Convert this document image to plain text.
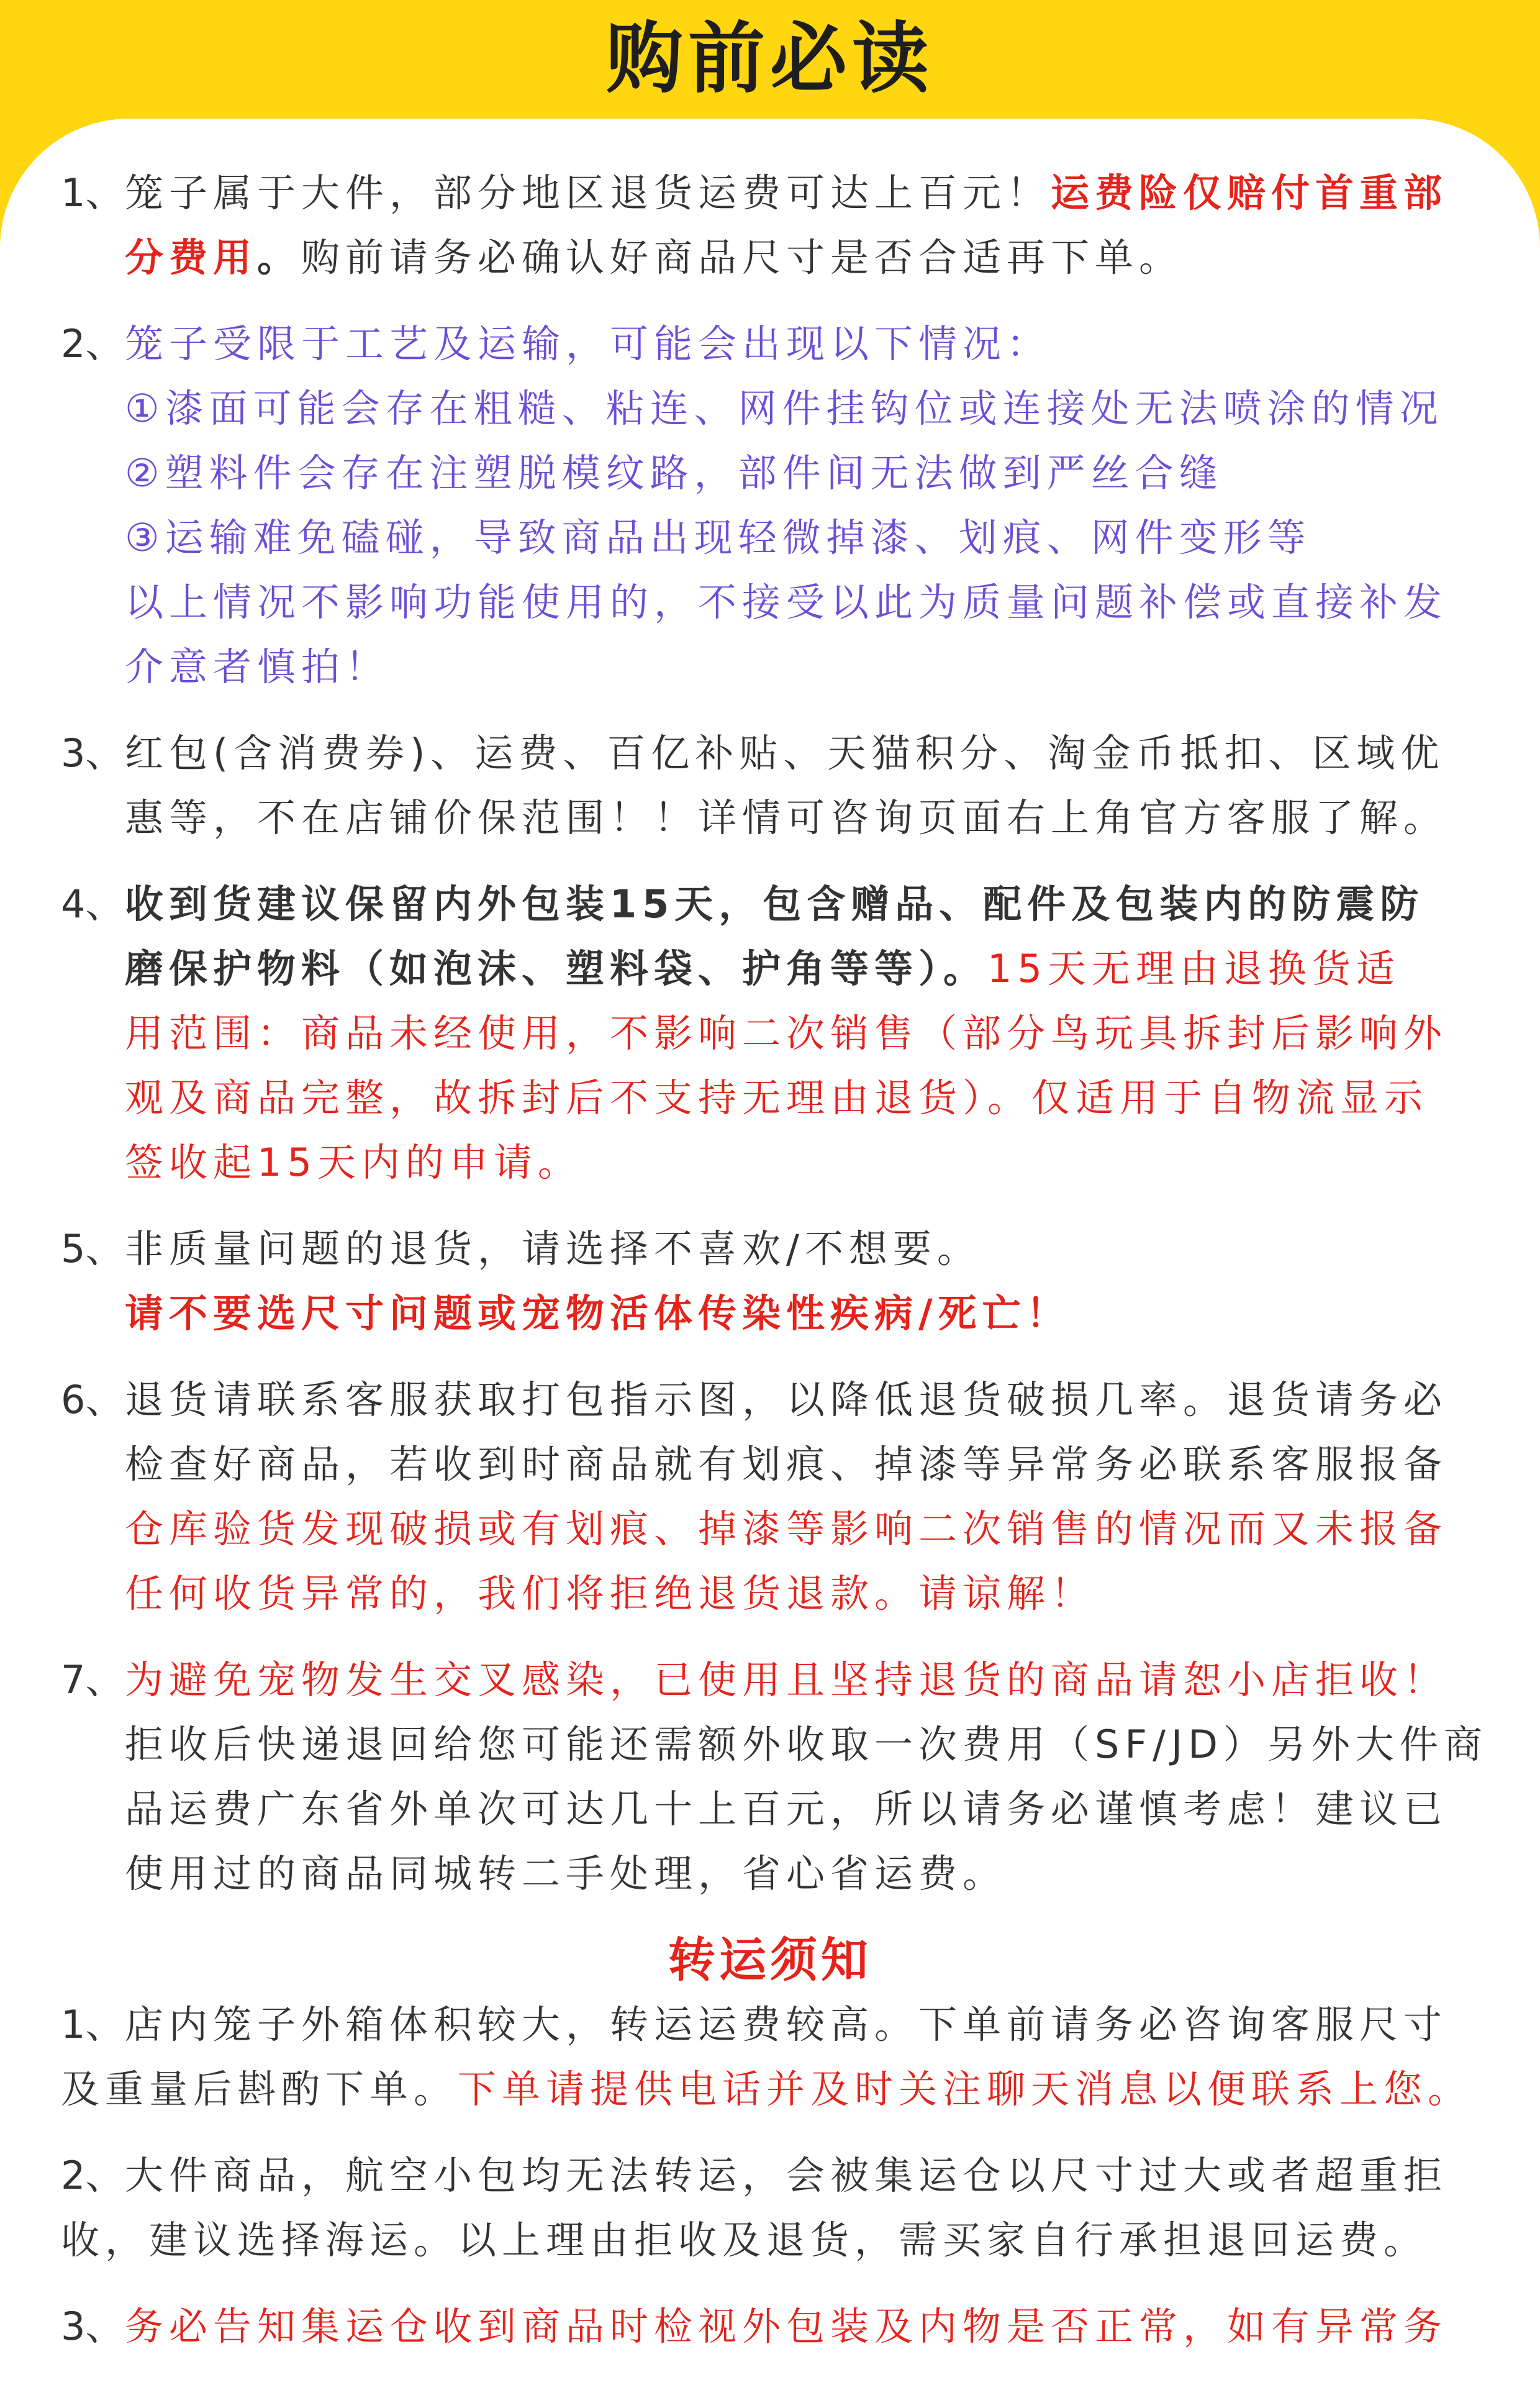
购前必读
1、笼子属于大件，部分地区退货运费可达上百元！运费险仅赔付首重部
分费用。购前请务必确认好商品尺寸是否合适再下单。
2、笼子受限于工艺及运输，可能会出现以下情况：
①漆面可能会存在粗糙、粘连、网件挂钩位或连接处无法喷涂的情况
②塑料件会存在注塑脱模纹路，部件间无法做到严丝合缝
③运输难免磕碰，导致商品出现轻微掉漆、划痕、网件变形等
以上情况不影响功能使用的，不接受以此为质量问题补偿或直接补发
介意者慎拍！
3、红包(含消费券)、运费、百亿补贴、天猫积分、淘金币抵扣、区域优
惠等，不在店铺价保范围！！详情可咨询页面右上角官方客服了解。
4、收到货建议保留内外包装15天，包含赠品、配件及包装内的防震防
磨保护物料（如泡沫、塑料袋、护角等等）。15天无理由退换货适
用范围：商品未经使用，不影响二次销售（部分鸟玩具拆封后影响外
观及商品完整，故拆封后不支持无理由退货）。仅适用于自物流显示
签收起15天内的申请。
5、非质量问题的退货，请选择不喜欢/不想要。
请不要选尺寸问题或宠物活体传染性疾病/死亡！
6、退货请联系客服获取打包指示图，以降低退货破损几率。退货请务必
检查好商品，若收到时商品就有划痕、掉漆等异常务必联系客服报备
仓库验货发现破损或有划痕、掉漆等影响二次销售的情况而又未报备
任何收货异常的，我们将拒绝退货退款。请谅解！
7、为避免宠物发生交叉感染，已使用且坚持退货的商品请恕小店拒收！
拒收后快递退回给您可能还需额外收取一次费用（SF/JD）另外大件商
品运费广东省外单次可达几十上百元，所以请务必谨慎考虑！建议已
使用过的商品同城转二手处理，省心省运费。
转运须知
1、店内笼子外箱体积较大，转运运费较高。下单前请务必咨询客服尺寸
及重量后斟酌下单。下单请提供电话并及时关注聊天消息以便联系上您。
2、大件商品，航空小包均无法转运，会被集运仓以尺寸过大或者超重拒
收，建议选择海运。以上理由拒收及退货，需买家自行承担退回运费。
3、务必告知集运仓收到商品时检视外包装及内物是否正常，如有异常务
